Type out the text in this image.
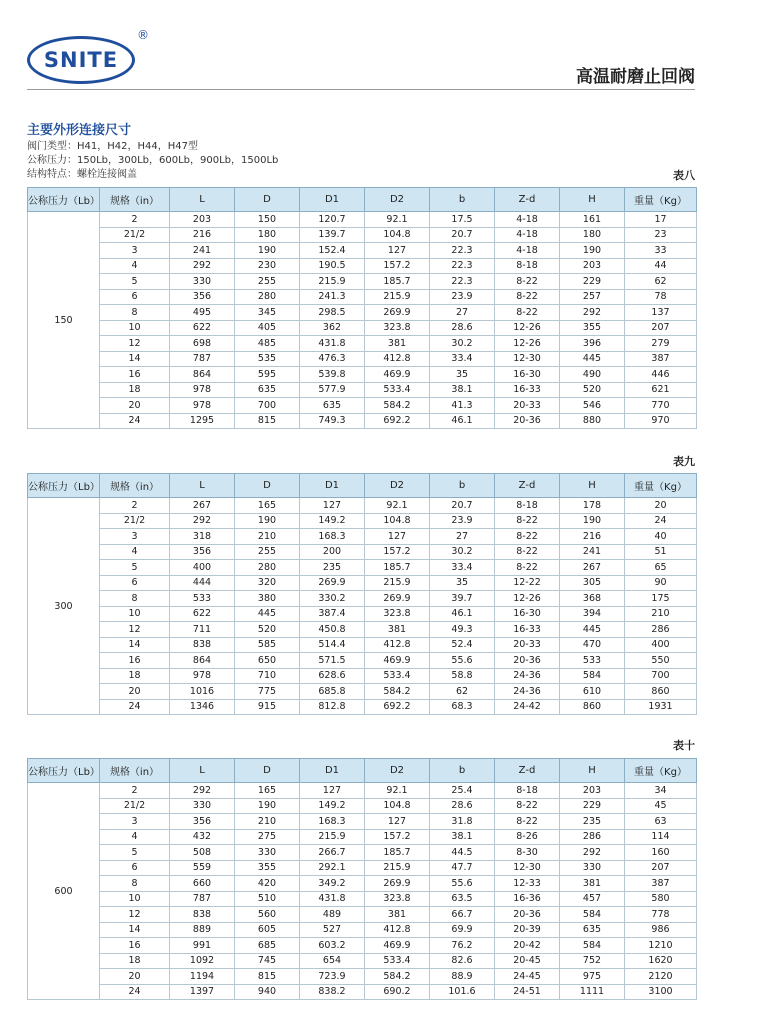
SNITE
®
高温耐磨止回阀
主要外形连接尺寸
阀门类型：H41，H42，H44，H47型
公称压力：150Lb，300Lb，600Lb，900Lb，1500Lb
结构特点：螺栓连接阀盖	表八
公称压力（Lb）	规格（in）	L	D	D1	D2	b	Z-d	H	重量（Kg）
150	2	203	150	120.7	92.1	17.5	4-18	161	17
	21/2	216	180	139.7	104.8	20.7	4-18	180	23
	3	241	190	152.4	127	22.3	4-18	190	33
	4	292	230	190.5	157.2	22.3	8-18	203	44
	5	330	255	215.9	185.7	22.3	8-22	229	62
	6	356	280	241.3	215.9	23.9	8-22	257	78
	8	495	345	298.5	269.9	27	8-22	292	137
	10	622	405	362	323.8	28.6	12-26	355	207
	12	698	485	431.8	381	30.2	12-26	396	279
	14	787	535	476.3	412.8	33.4	12-30	445	387
	16	864	595	539.8	469.9	35	16-30	490	446
	18	978	635	577.9	533.4	38.1	16-33	520	621
	20	978	700	635	584.2	41.3	20-33	546	770
	24	1295	815	749.3	692.2	46.1	20-36	880	970
表九
公称压力（Lb）	规格（in）	L	D	D1	D2	b	Z-d	H	重量（Kg）
300	2	267	165	127	92.1	20.7	8-18	178	20
	21/2	292	190	149.2	104.8	23.9	8-22	190	24
	3	318	210	168.3	127	27	8-22	216	40
	4	356	255	200	157.2	30.2	8-22	241	51
	5	400	280	235	185.7	33.4	8-22	267	65
	6	444	320	269.9	215.9	35	12-22	305	90
	8	533	380	330.2	269.9	39.7	12-26	368	175
	10	622	445	387.4	323.8	46.1	16-30	394	210
	12	711	520	450.8	381	49.3	16-33	445	286
	14	838	585	514.4	412.8	52.4	20-33	470	400
	16	864	650	571.5	469.9	55.6	20-36	533	550
	18	978	710	628.6	533.4	58.8	24-36	584	700
	20	1016	775	685.8	584.2	62	24-36	610	860
	24	1346	915	812.8	692.2	68.3	24-42	860	1931
表十
公称压力（Lb）	规格（in）	L	D	D1	D2	b	Z-d	H	重量（Kg）
600	2	292	165	127	92.1	25.4	8-18	203	34
	21/2	330	190	149.2	104.8	28.6	8-22	229	45
	3	356	210	168.3	127	31.8	8-22	235	63
	4	432	275	215.9	157.2	38.1	8-26	286	114
	5	508	330	266.7	185.7	44.5	8-30	292	160
	6	559	355	292.1	215.9	47.7	12-30	330	207
	8	660	420	349.2	269.9	55.6	12-33	381	387
	10	787	510	431.8	323.8	63.5	16-36	457	580
	12	838	560	489	381	66.7	20-36	584	778
	14	889	605	527	412.8	69.9	20-39	635	986
	16	991	685	603.2	469.9	76.2	20-42	584	1210
	18	1092	745	654	533.4	82.6	20-45	752	1620
	20	1194	815	723.9	584.2	88.9	24-45	975	2120
	24	1397	940	838.2	690.2	101.6	24-51	1111	3100
